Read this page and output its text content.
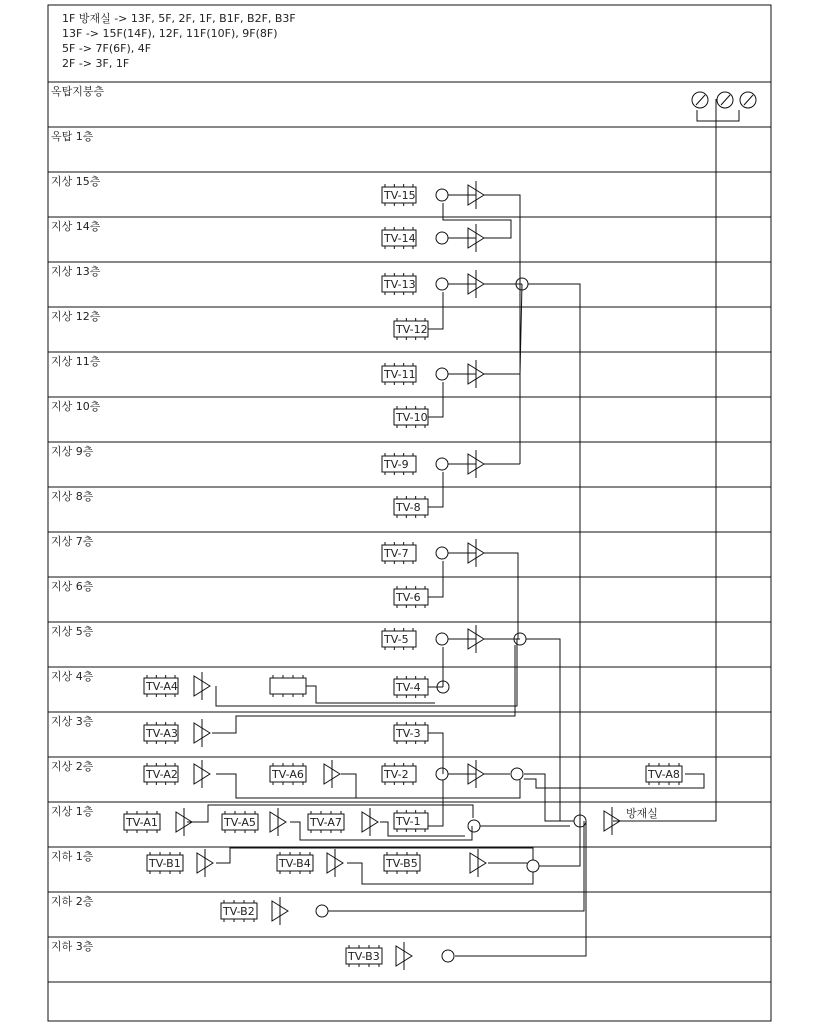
1F 방재실 -> 13F, 5F, 2F, 1F, B1F, B2F, B3F
13F -> 15F(14F), 12F, 11F(10F), 9F(8F)
5F -> 7F(6F), 4F
2F -> 3F, 1F
옥탑지붕층
옥탑 1층
지상 15층
지상 14층
지상 13층
지상 12층
지상 11층
지상 10층
지상 9층
지상 8층
지상 7층
지상 6층
지상 5층
지상 4층
지상 3층
지상 2층
지상 1층
지하 1층
지하 2층
지하 3층
TV-15
TV-14
TV-13
TV-12
TV-11
TV-10
TV-9
TV-8
TV-7
TV-6
TV-5
TV-4
TV-3
TV-2
TV-1
TV-A4
TV-A3
TV-A2	TV-A6	TV-A8
TV-A1	TV-A5	TV-A7
TV-B1	TV-B4	TV-B5
TV-B2
TV-B3
방재실
